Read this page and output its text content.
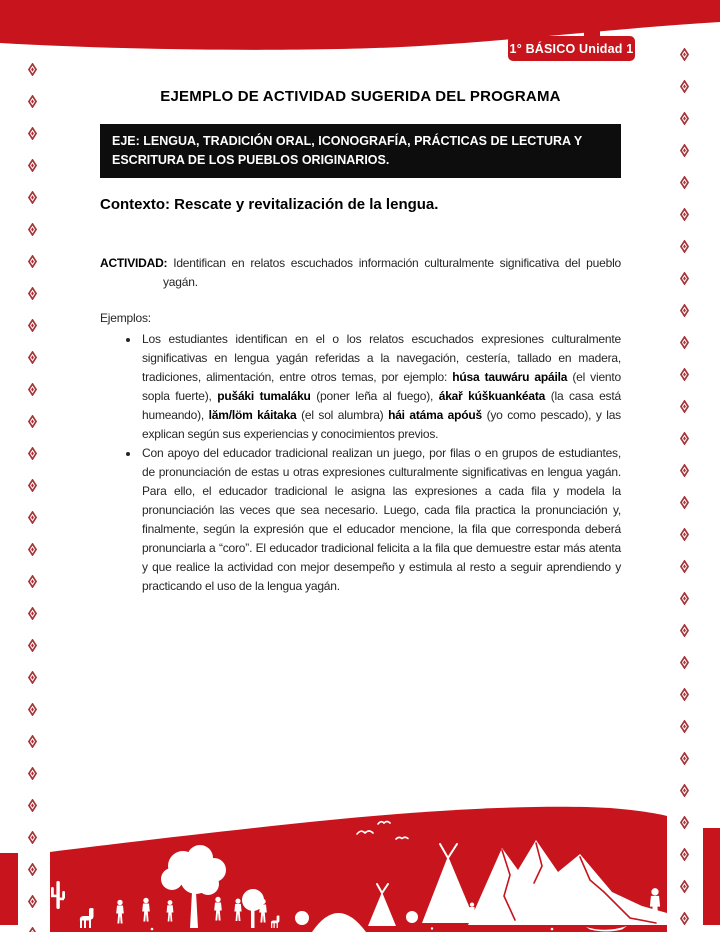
1° BÁSICO Unidad 1
EJEMPLO DE ACTIVIDAD SUGERIDA DEL PROGRAMA
EJE: LENGUA, TRADICIÓN ORAL, ICONOGRAFÍA, PRÁCTICAS DE LECTURA Y ESCRITURA DE LOS PUEBLOS ORIGINARIOS.
Contexto: Rescate y revitalización de la lengua.
ACTIVIDAD: Identifican en relatos escuchados información culturalmente significativa del pueblo yagán.
Ejemplos:
• Los estudiantes identifican en el o los relatos escuchados expresiones culturalmente significativas en lengua yagán referidas a la navegación, cestería, tallado en madera, tradiciones, alimentación, entre otros temas, por ejemplo: húsa tauwáru apáila (el viento sopla fuerte), pušáki tumaláku (poner leña al fuego), ákař kúškuankéata (la casa está humeando), lăm/löm káitaka (el sol alumbra) hái atáma apóuš (yo como pescado), y las explican según sus experiencias y conocimientos previos.
• Con apoyo del educador tradicional realizan un juego, por filas o en grupos de estudiantes, de pronunciación de estas u otras expresiones culturalmente significativas en lengua yagán. Para ello, el educador tradicional le asigna las expresiones a cada fila y modela la pronunciación las veces que sea necesario. Luego, cada fila practica la pronunciación y, finalmente, según la expresión que el educador mencione, la fila que corresponda deberá pronunciarla a “coro”. El educador tradicional felicita a la fila que demuestre estar más atenta y que realice la actividad con mejor desempeño y estimula al resto a seguir aprendiendo y practicando el uso de la lengua yagán.
